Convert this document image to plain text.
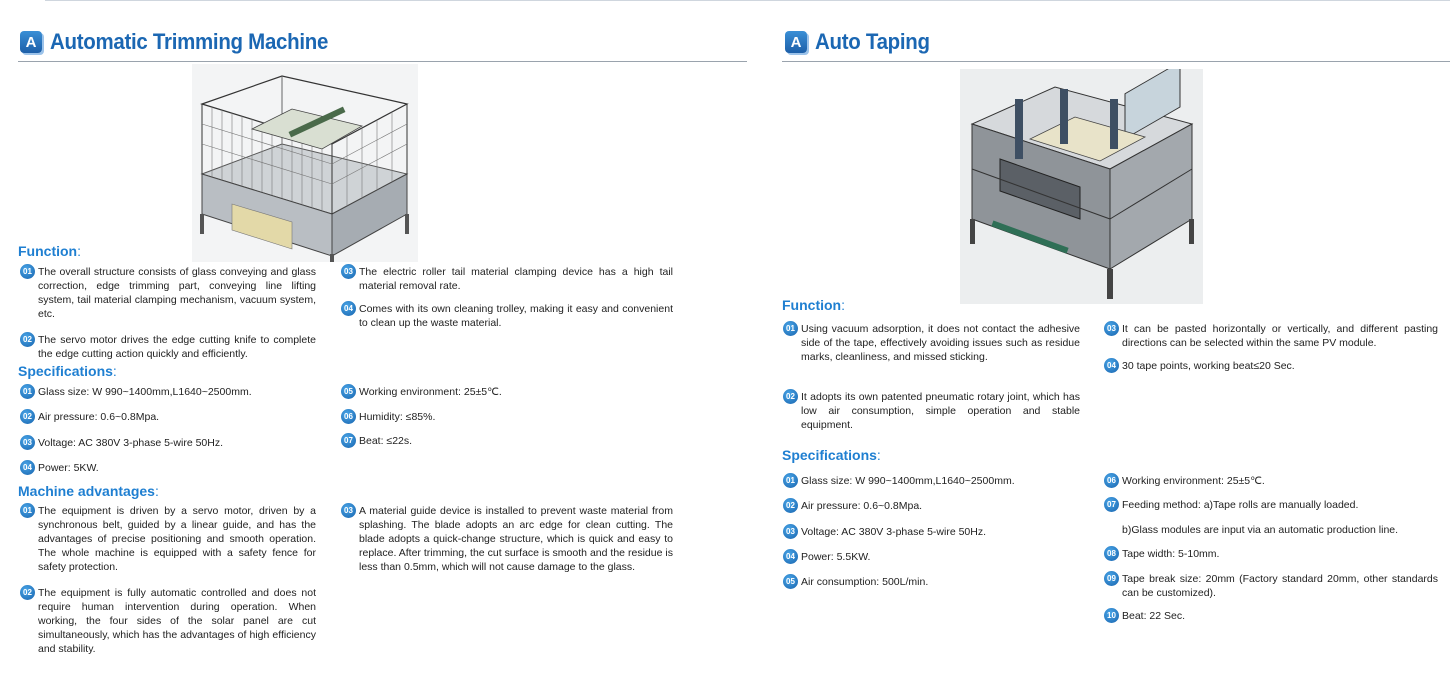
A Automatic Trimming Machine
Function:
01 The overall structure consists of glass conveying and glass correction, edge trimming part, conveying line lifting system, tail material clamping mechanism, vacuum system, etc.
02 The servo motor drives the edge cutting knife to complete the edge cutting action quickly and efficiently.
03 The electric roller tail material clamping device has a high tail material removal rate.
04 Comes with its own cleaning trolley, making it easy and convenient to clean up the waste material.
Specifications:
01 Glass size: W 990~1400mm,L1640~2500mm.
02 Air pressure: 0.6~0.8Mpa.
03 Voltage: AC 380V 3-phase 5-wire 50Hz.
04 Power: 5KW.
05 Working environment: 25±5℃.
06 Humidity: ≤85%.
07 Beat: ≤22s.
Machine advantages:
01 The equipment is driven by a servo motor, driven by a synchronous belt, guided by a linear guide, and has the advantages of precise positioning and smooth operation. The whole machine is equipped with a safety fence for safety protection.
02 The equipment is fully automatic controlled and does not require human intervention during operation. When working, the four sides of the solar panel are cut simultaneously, which has the advantages of high efficiency and stability.
03 A material guide device is installed to prevent waste material from splashing. The blade adopts an arc edge for clean cutting. The blade adopts a quick-change structure, which is quick and easy to replace. After trimming, the cut surface is smooth and the residue is less than 0.5mm, which will not cause damage to the glass.
A Auto Taping
Function:
01 Using vacuum adsorption, it does not contact the adhesive side of the tape, effectively avoiding issues such as residue marks, cleanliness, and missed sticking.
02 It adopts its own patented pneumatic rotary joint, which has low air consumption, simple operation and stable equipment.
03 It can be pasted horizontally or vertically, and different pasting directions can be selected within the same PV module.
04 30 tape points, working beat≤20 Sec.
Specifications:
01 Glass size: W 990~1400mm,L1640~2500mm.
02 Air pressure: 0.6~0.8Mpa.
03 Voltage: AC 380V 3-phase 5-wire 50Hz.
04 Power: 5.5KW.
05 Air consumption: 500L/min.
06 Working environment: 25±5℃.
07 Feeding method: a)Tape rolls are manually loaded.
b)Glass modules are input via an automatic production line.
08 Tape width: 5-10mm.
09 Tape break size: 20mm (Factory standard 20mm, other standards can be customized).
10 Beat: 22 Sec.
